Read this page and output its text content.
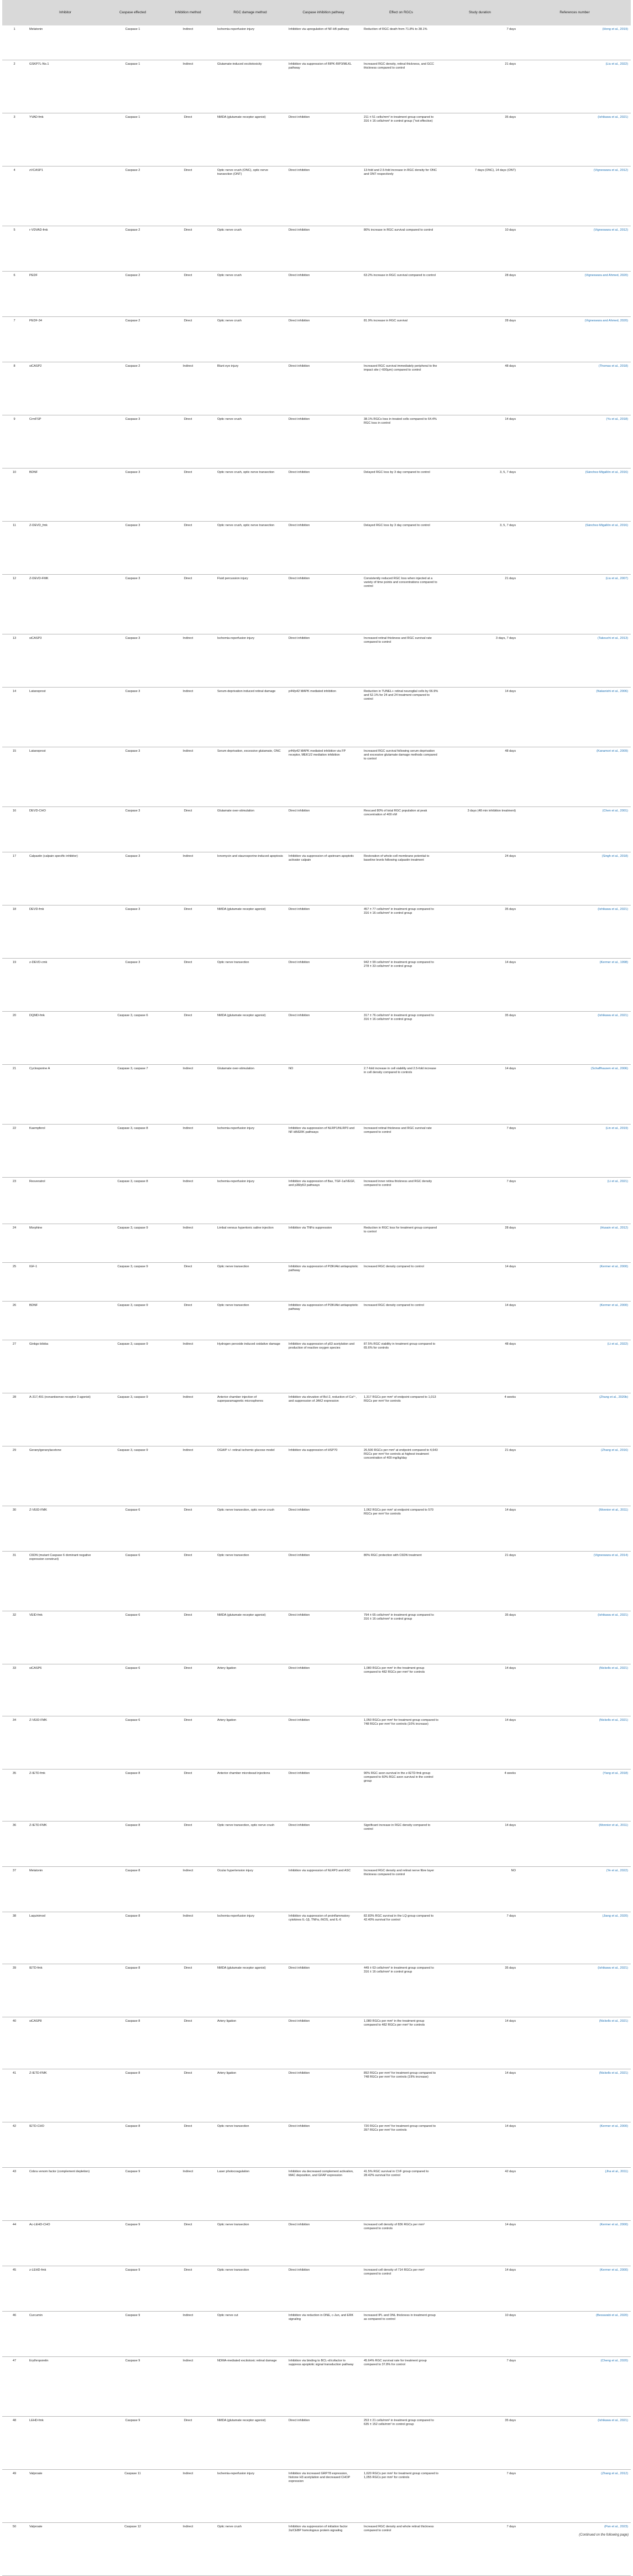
	Inhibitor	Caspase effected	Inhibition method	RGC damage method	Caspase inhibition pathway	Effect on RGCs	Study duration	References number
1	Melatonin	Caspase 1	Indirect	Ischemia-reperfusion injury	Inhibition via upregulation of NF-kB pathway	Reduction of RGC death from 71.8% to 38.1%	7 days	(Hong et al., 2019)
2	GSKP7L-No.1	Caspase 1	Indirect	Glutamate-induced excitotoxicity	Inhibition via suppression of RIPK-RIP3/MLKL pathway	Increased RGC density, retinal thickness, and GCC thickness compared to control	21 days	(Liu et al., 2022)
3	YVAD-fmk	Caspase 1	Direct	NMDA (glutamate receptor agonist)	Direct inhibition	211 ± 51 cells/mm² in treatment group compared to 316 ± 16 cells/mm² in control group ("not effective)	35 days	(Ishikawa et al., 2021)
4	zVCASP1	Caspase 2	Direct	Optic nerve crush (ONC), optic nerve transection (ONT)	Direct inhibition	13-fold and 2.5-fold increase in RGC density for ONC and ONT respectively	7 days (ONC), 14 days (ONT)	(Vigneswara et al., 2012)
5	r-VDVAD-fmk	Caspase 2	Direct	Optic nerve crush	Direct inhibition	80% increase in RGC survival compared to control	10 days	(Vigneswara et al., 2012)
6	PEDF	Caspase 2	Direct	Optic nerve crush	Direct inhibition	63.2% increase in RGC survival compared to control	28 days	(Vigneswara and Ahmed, 2020)
7	PEDF-34	Caspase 2	Direct	Optic nerve crush	Direct inhibition	81.9% increase in RGC survival	28 days	(Vigneswara and Ahmed, 2020)
8	siCASP2	Caspase 2	Indirect	Blunt eye injury	Direct inhibition	Increased RGC survival immediately peripheral to the impact site (~600μm) compared to control	48 days	(Thomas et al., 2018)
9	CrmFSP	Caspase 3	Direct	Optic nerve crush	Direct inhibition	38.1% RGCs loss in treated cells compared to 64.4% RGC loss in control	14 days	(Yu et al., 2018)
10	BDNF	Caspase 3	Direct	Optic nerve crush, optic nerve transection	Direct inhibition	Delayed RGC loss by 3 day compared to control	3, 5, 7 days	(Sánchez-Migallón et al., 2016)
11	Z-DEVD_fmk	Caspase 3	Direct	Optic nerve crush, optic nerve transection	Direct inhibition	Delayed RGC loss by 3 day compared to control	3, 5, 7 days	(Sánchez-Migallón et al., 2016)
12	Z-DEVD-FMK	Caspase 3	Direct	Fluid percussion injury	Direct inhibition	Consistently reduced RGC loss when injected at a variety of time points and concentrations compared to control	21 days	(Liu et al., 2007)
13	siCASP3	Caspase 3	Indirect	Ischemia-reperfusion injury	Direct inhibition	Increased retinal thickness and RGC survival rate compared to control	3 days, 7 days	(Takeuchi et al., 2013)
14	Latanoprost	Caspase 3	Indirect	Serum-deprivation induced retinal damage	p44/p42 MAPK mediated inhibition	Reduction in TUNEL+ retinal neuroglial cells by 66.9% and 52.1% for 24 and 24 treatment compared to control	14 days	(Nakanishi et al., 2006)
15	Latanoprost	Caspase 3	Indirect	Serum deprivation, excessive glutamate, ONC	p44/p42 MAPK mediated inhibition via FP receptor, MEK1/2 mediation inhibition	Increased RGC survival following serum deprivation and excessive glutamate damage methods compared to control	48 days	(Kanamori et al., 2009)
16	DEVD-CHO	Caspase 3	Direct	Glutamate over-stimulation	Direct inhibition	Rescued 80% of total RGC population at peak concentration of 400 nM	3 days (48 min inhibition treatment)	(Chen et al., 2001)
17	Calpastin (calpain specific inhibitor)	Caspase 3	Indirect	Ionomycin and staurosporine-induced apoptosis	Inhibition via suppression of upstream apoptotic activator calpain	Restoration of whole-cell membrane potential to baseline levels following calpastin treatment	24 days	(Singh et al., 2018)
18	DEVD-fmk	Caspase 3	Direct	NMDA (glutamate receptor agonist)	Direct inhibition	457 ± 77 cells/mm² in treatment group compared to 316 ± 16 cells/mm² in control group	35 days	(Ishikawa et al., 2021)
19	z-DEVD-cmk	Caspase 3	Direct	Optic nerve transection	Direct inhibition	942 ± 99 cells/mm² in treatment group compared to 278 ± 33 cells/mm² in control group	14 days	(Kermer et al., 1998)
20	DQMD-fmk	Caspase 3, caspase 6	Direct	NMDA (glutamate receptor agonist)	Direct inhibition	317 ± 76 cells/mm² in treatment group compared to 316 ± 16 cells/mm² in control group	35 days	(Ishikawa et al., 2021)
21	Cyclosporine A	Caspase 3, caspase 7	Indirect	Glutamate over-stimulation	NO	2.7-fold increase in cell viability and 2.5-fold increase in cell density compared to controls	14 days	(Schaffhausen et al., 2006)
22	Kaempferol	Caspase 3, caspase 8	Indirect	Ischemia-reperfusion injury	Inhibition via suppression of NLRP1/NLRP3 and NF-kB/ERK pathways	Increased retinal thickness and RGC survival rate compared to control	7 days	(Lin et al., 2019)
23	Resveratrol	Caspase 3, caspase 8	Indirect	Ischemia-reperfusion injury	Inhibition via suppression of Bax, TGF-1a/VEGF, and p38/p53 pathways	Increased inner retina thickness and RGC density compared to control	7 days	(Li et al., 2021)
24	Morphine	Caspase 3, caspase 9	Indirect	Limbal venous hypertonic saline injection	Inhibition via TNFα suppression	Reduction in RGC loss for treatment group compared to control	28 days	(Husain et al., 2012)
25	IGF-1	Caspase 3, caspase 9	Direct	Optic nerve transection	Inhibition via suppression of PI3K/Akt antiapoptotic pathway	Increased RGC density compared to control	14 days	(Kermer et al., 2000)
26	BDNF	Caspase 3, caspase 9	Direct	Optic nerve transection	Inhibition via suppression of PI3K/Akt antiapoptotic pathway	Increased RGC density compared to control	14 days	(Kermer et al., 2000)
27	Ginkgo biloba	Caspase 3, caspase 9	Indirect	Hydrogen peroxide induced oxidative damage	Inhibition via suppression of p53 acetylation and production of reactive oxygen species	87.5% RGC viability in treatment group compared to 65.6% for controls	48 days	(Li et al., 2022)
28	A-317,491 (nonantisense receptor 3 agonist)	Caspase 3, caspase 9	Indirect	Anterior chamber injection of superparamagnetic microspheres	Inhibition via elevation of Bcl-2, reduction of Ca²⁺, and suppression of JAK2 expression	1,317 RGCs per mm² of endpoint compared to 1,013 RGCs per mm² for controls	4 weeks	(Zhang et al., 2020b)
29	Geranylgeranylacetone	Caspase 3, caspase 9	Indirect	OGA/P +/- retinal ischemic glucose model	Inhibition via suppression of HSP70	26,500 RGCs per mm² at endpoint compared to 4,643 RGCs per mm² for controls at highest treatment concentration of 400 mg/kg/day	21 days	(Zhang et al., 2016)
30	Z-VEID-FMK	Caspase 6	Direct	Optic nerve transection, optic nerve crush	Direct inhibition	1,062 RGCs per mm² at endpoint compared to 570 RGCs per mm² for controls	14 days	(Monnier et al., 2011)
31	C6DN (mutant Caspase 6 dominant negative expression construct)	Caspase 6	Direct	Optic nerve transection	Direct inhibition	80% RGC protection with C6DN treatment	21 days	(Vigneswara et al., 2014)
32	VEID-fmk	Caspase 6	Direct	NMDA (glutamate receptor agonist)	Direct inhibition	794 ± 65 cells/mm² in treatment group compared to 316 ± 16 cells/mm² in control group	35 days	(Ishikawa et al., 2021)
33	siCASP6	Caspase 6	Direct	Artery ligation	Direct inhibition	1,080 RGCs per mm² in the treatment group compared to 482 RGCs per mm² for controls	14 days	(Nickells et al., 2021)
34	Z-VEID-FMK	Caspase 6	Direct	Artery ligation	Direct inhibition	1,050 RGCs per mm² for treatment group compared to 748 RGCs per mm² for controls (10% increase)	14 days	(Nickells et al., 2021)
35	Z-IETD-fmk	Caspase 8	Direct	Anterior chamber microbead injections	Direct inhibition	90% RGC axon survival in the z-IETD-fmk group compared to 60% RGC axon survival in the control group	4 weeks	(Yang et al., 2018)
36	Z-IETD-FMK	Caspase 8	Direct	Optic nerve transection, optic nerve crush	Direct inhibition	Significant increase in RGC density compared to control	14 days	(Monnier et al., 2011)
37	Melatonin	Caspase 8	Indirect	Ocular hypertension injury	Inhibition via suppression of NLRP3 and ASC	Increased RGC density and retinal nerve fibre layer thickness compared to control	NO	(Ye et al., 2022)
38	Laquinimod	Caspase 8	Indirect	Ischemia-reperfusion injury	Inhibition via suppression of proinflammatory cytokines IL-1β, TNFα, iNOS, and IL-6	82.83% RGC survival in the LQ group compared to 42.40% survival for control	7 days	(Jiang et al., 2020)
39	IETD-fmk	Caspase 8	Direct	NMDA (glutamate receptor agonist)	Direct inhibition	449 ± 63 cells/mm² in treatment group compared to 316 ± 16 cells/mm² in control group	35 days	(Ishikawa et al., 2021)
40	siCASP8	Caspase 8	Direct	Artery ligation	Direct inhibition	1,080 RGCs per mm² in the treatment group compared to 482 RGCs per mm² for controls	14 days	(Nickells et al., 2021)
41	Z-IETD-FMK	Caspase 8	Direct	Artery ligation	Direct inhibition	892 RGCs per mm² for treatment group compared to 748 RGCs per mm² for controls (19% increase)	14 days	(Nickells et al., 2021)
42	IETD-CHO	Caspase 8	Direct	Optic nerve transection	Direct inhibition	720 RGCs per mm² for treatment group compared to 397 RGCs per mm² for controls	14 days	(Kermer et al., 2000)
43	Cobra venom factor (complement depletion)	Caspase 9	Indirect	Laser photocoagulation	Inhibition via decreased complement activation, MAC deposition, and GFAP expression	41.5% RGC survival in CVF group compared to 28.42% survival for control	42 days	(Jha et al., 2011)
44	Ac-LEHD-CHO	Caspase 9	Direct	Optic nerve transection	Direct inhibition	Increased cell density of 836 RGCs per mm² compared to controls	14 days	(Kermer et al., 2000)
45	z-LEHD-fmk	Caspase 9	Direct	Optic nerve transection	Direct inhibition	Increased cell density of 714 RGCs per mm² compared to control	14 days	(Kermer et al., 2000)
46	Curcumin	Caspase 9	Indirect	Optic nerve cut	Inhibition via reduction in DNE, c-Jun, and ERK signaling	Increased IPL and ONL thickness in treatment group as compared to control	10 days	(Bessarabi et al., 2020)
47	Erythropoietin	Caspase 9	Indirect	NDMA-mediated excitotoxic retinal damage	Inhibition via binding to BCL-xl/cofactor to suppress apoptotic signal transduction pathway	45.64% RGC survival rate for treatment group compared to 37.8% for control	7 days	(Cheng et al., 2020)
48	LEHD-fmk	Caspase 9	Direct	NMDA (glutamate receptor agonist)	Direct inhibition	253 ± 21 cells/mm² in treatment group compared to 635 ± 152 cells/mm² in control group	35 days	(Ishikawa et al., 2021)
49	Valproate	Caspase 11	Indirect	Ischemia-reperfusion injury	Inhibition via increased GRP78 expression, histone H3 acetylation and decreased CHOP expression	1,620 RGCs per mm² for treatment group compared to 1,055 RGCs per mm² for controls	7 days	(Zhang et al., 2012)
50	Valproate	Caspase 12	Indirect	Optic nerve crush	Inhibition via suppression of initiation factor 2α/CEBP homologous protein signaling	Increased RGC density and whole retinal thickness compared to control	7 days	(Pan et al., 2023)
(Continued on the following page)
